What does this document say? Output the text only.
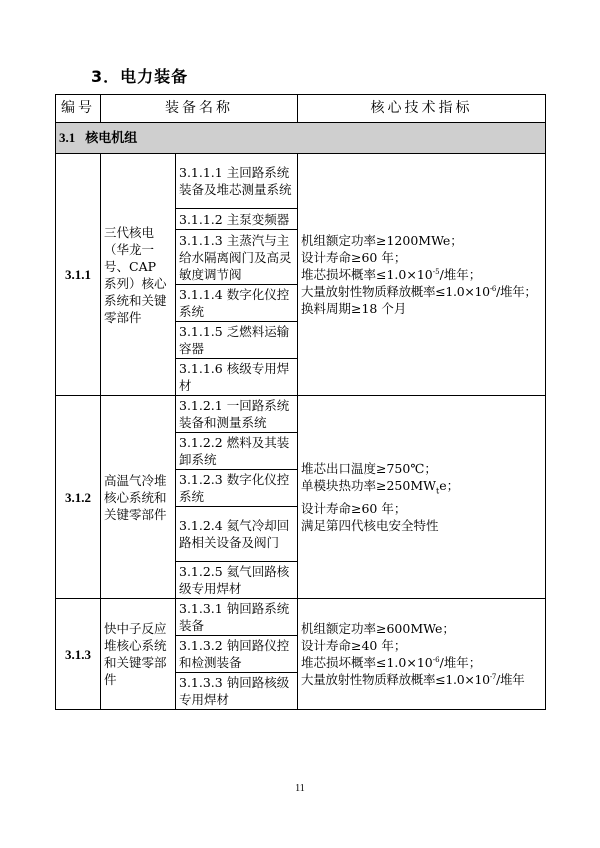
3．电力装备
编号	装备名称		核心技术指标
3.1 核电机组			
3.1.1	三代核电（华龙一号、CAP 系列）核心系统和关键零部件	3.1.1.1 主回路系统装备及堆芯测量系统	机组额定功率≥1200MWe；
设计寿命≥60 年；
堆芯损坏概率$\le 1.0\times 10^{-5}/$堆年；
大量放射性物质释放概率$\le 1.0\times 10^{-6}/$堆年；
换料周期≥18 个月

		3.1.1.2 主泵变频器	
		3.1.1.3 主蒸汽与主给水隔离阀门及高灵敏度调节阀	
		3.1.1.4 数字化仪控系统	
		3.1.1.5 乏燃料运输容器	
		3.1.1.6 核级专用焊材	
3.1.2	高温气冷堆核心系统和关键零部件	3.1.2.1 一回路系统装备和测量系统	堆芯出口温度≥750℃；
单模块热功率$\ge 250MW_te$；
设计寿命≥60 年；
满足第四代核电安全特性

		3.1.2.2 燃料及其装卸系统	
		3.1.2.3 数字化仪控系统	
		3.1.2.4 氦气冷却回路相关设备及阀门	
		3.1.2.5 氦气回路核级专用焊材	
3.1.3	快中子反应堆核心系统和关键零部件	3.1.3.1 钠回路系统装备	机组额定功率≥600MWe；
设计寿命≥40 年；
堆芯损坏概率$\le 1.0\times 10^{-6}/$堆年；
大量放射性物质释放概率$\le 1.0\times 10^{-7}/$堆年

		3.1.3.2 钠回路仪控和检测装备	
		3.1.3.3 钠回路核级专用焊材	
11
